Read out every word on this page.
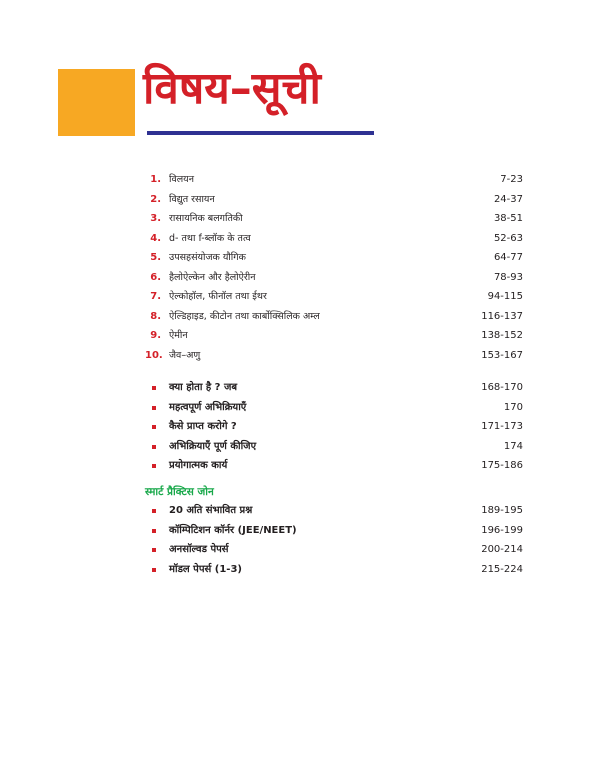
विषय–सूची
1. विलयन	7-23
2. विद्युत रसायन	24-37
3. रासायनिक बलगतिकी	38-51
4. d- तथा f-ब्लॉक के तत्व	52-63
5. उपसहसंयोजक यौगिक	64-77
6. हैलोऐल्केन और हैलोऐरीन	78-93
7. ऐल्कोहॉल, फीनॉल तथा ईथर	94-115
8. ऐल्डिहाइड, कीटोन तथा कार्बोक्सिलिक अम्ल	116-137
9. ऐमीन	138-152
10. जैव–अणु	153-167
क्या होता है ? जब	168-170
महत्वपूर्ण अभिक्रियाएँ	170
कैसे प्राप्त करोगे ?	171-173
अभिक्रियाएँ पूर्ण कीजिए	174
प्रयोगात्मक कार्य	175-186
स्मार्ट प्रैक्टिस जोन
20 अति संभावित प्रश्न	189-195
कॉम्पिटिशन कॉर्नर (JEE/NEET)	196-199
अनसॉल्वड पेपर्स	200-214
मॉडल पेपर्स (1-3)	215-224
